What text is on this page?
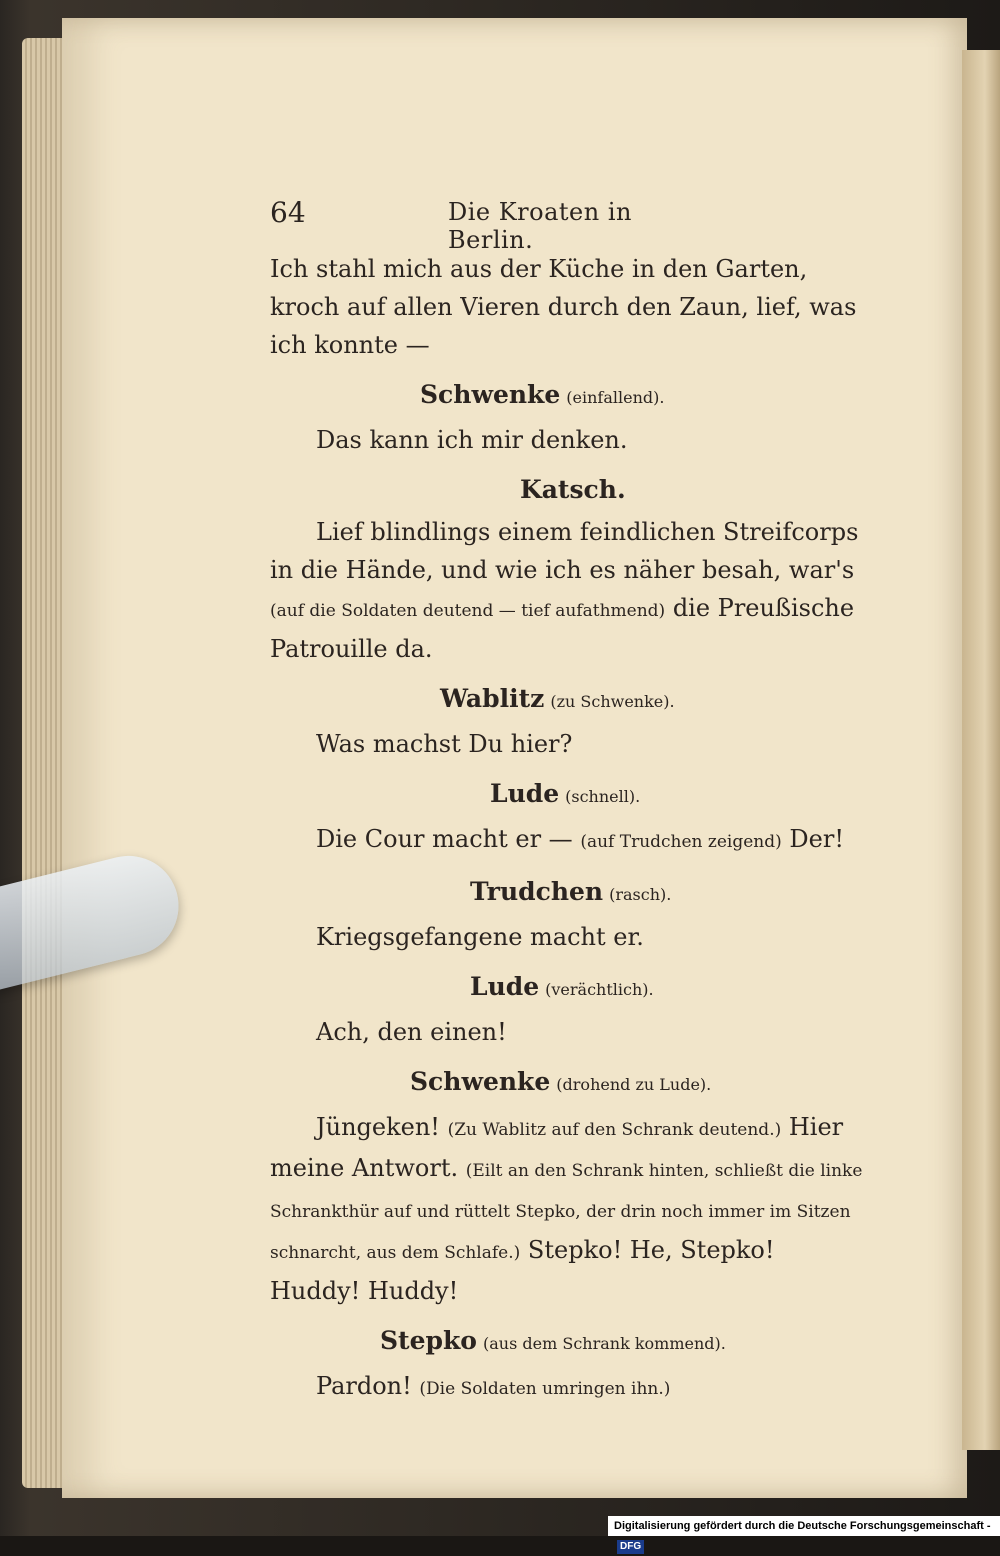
64	Die Kroaten in Berlin.

Ich stahl mich aus der Küche in den Garten, kroch auf allen Vieren durch den Zaun, lief, was ich konnte —

Schwenke (einfallend).

Das kann ich mir denken.

Katsch.

Lief blindlings einem feindlichen Streifcorps in die Hände, und wie ich es näher besah, war's (auf die Soldaten deutend — tief aufathmend) die Preußische Patrouille da.

Wablitz (zu Schwenke).

Was machst Du hier?

Lude (schnell).

Die Cour macht er — (auf Trudchen zeigend) Der!

Trudchen (rasch).

Kriegsgefangene macht er.

Lude (verächtlich).

Ach, den einen!

Schwenke (drohend zu Lude).

Jüngeken! (Zu Wablitz auf den Schrank deutend.) Hier meine Antwort. (Eilt an den Schrank hinten, schließt die linke Schrankthür auf und rüttelt Stepko, der drin noch immer im Sitzen schnarcht, aus dem Schlafe.) Stepko! He, Stepko! Huddy! Huddy!

Stepko (aus dem Schrank kommend).

Pardon! (Die Soldaten umringen ihn.)

Digitalisierung gefördert durch die Deutsche Forschungsgemeinschaft -DFG
